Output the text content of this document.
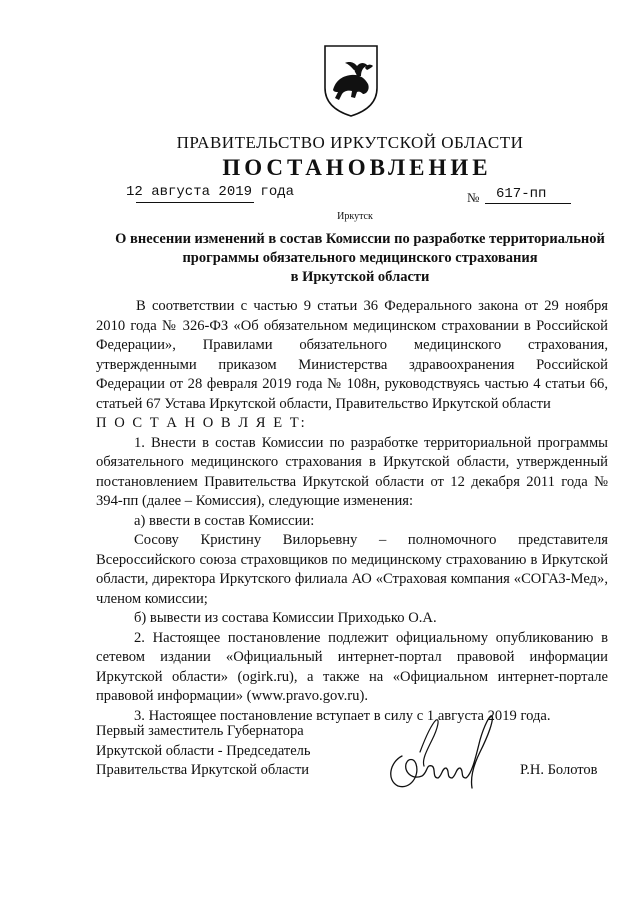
ПРАВИТЕЛЬСТВО ИРКУТСКОЙ ОБЛАСТИ
ПОСТАНОВЛЕНИЕ
12 августа 2019 года	№ 617-пп
Иркутск
О внесении изменений в состав Комиссии по разработке территориальной
программы обязательного медицинского страхования
в Иркутской области

В соответствии с частью 9 статьи 36 Федерального закона от 29 ноября 2010 года № 326-ФЗ «Об обязательном медицинском страховании в Российской Федерации», Правилами обязательного медицинского страхования, утвержденными приказом Министерства здравоохранения Российской Федерации от 28 февраля 2019 года № 108н, руководствуясь частью 4 статьи 66, статьей 67 Устава Иркутской области, Правительство Иркутской области

П О С Т А Н О В Л Я Е Т:

1. Внести в состав Комиссии по разработке территориальной программы обязательного медицинского страхования в Иркутской области, утвержденный постановлением Правительства Иркутской области от 12 декабря 2011 года № 394-пп (далее – Комиссия), следующие изменения:

а) ввести в состав Комиссии:

Сосову Кристину Вилорьевну – полномочного представителя Всероссийского союза страховщиков по медицинскому страхованию в Иркутской области, директора Иркутского филиала АО «Страховая компания «СОГАЗ-Мед», членом комиссии;

б) вывести из состава Комиссии Приходько О.А.

2. Настоящее постановление подлежит официальному опубликованию в сетевом издании «Официальный интернет-портал правовой информации Иркутской области» (ogirk.ru), а также на «Официальном интернет-портале правовой информации» (www.pravo.gov.ru).

3. Настоящее постановление вступает в силу с 1 августа 2019 года.

Первый заместитель Губернатора
Иркутской области - Председатель
Правительства Иркутской области	Р.Н. Болотов
